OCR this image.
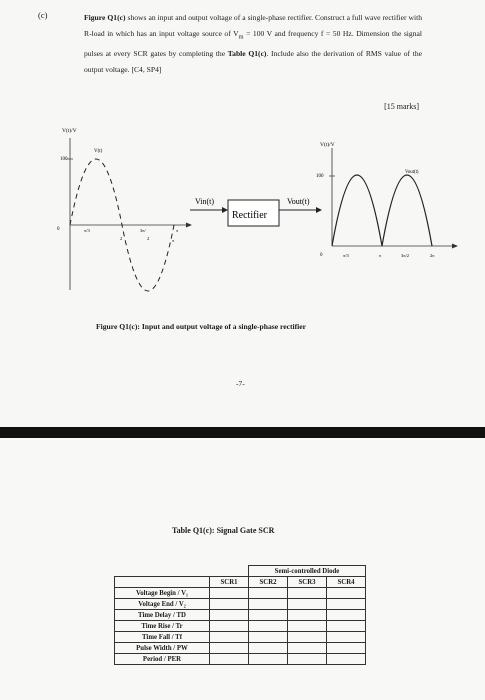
(c)	Figure Q1(c) shows an input and output voltage of a single-phase rectifier. Construct a full wave rectifier with R-load in which has an input voltage source of $V_m = 100$ V and frequency f = 50 Hz. Dimension the signal pulses at every SCR gates by completing the Table Q1(c). Include also the derivation of RMS value of the output voltage. [C4, SP4]
[15 marks]
V(t)/V
100
V(t)
0	π/3
2
3π/
π
2
π
Vin(t)
Rectifier
Vout(t)
V(t)/V
100
Vout(t)
0	π/3	π	3π/2	2π
Figure Q1(c): Input and output voltage of a single-phase rectifier
-7-
Table Q1(c): Signal Gate SCR
		Semi-controlled Diode		
	SCR1	SCR2	SCR3	SCR4
Voltage Begin / V₁				
Voltage End / V₂				
Time Delay / TD				
Time Rise / Tr				
Time Fall / Tf				
Pulse Width / PW				
Period / PER				
